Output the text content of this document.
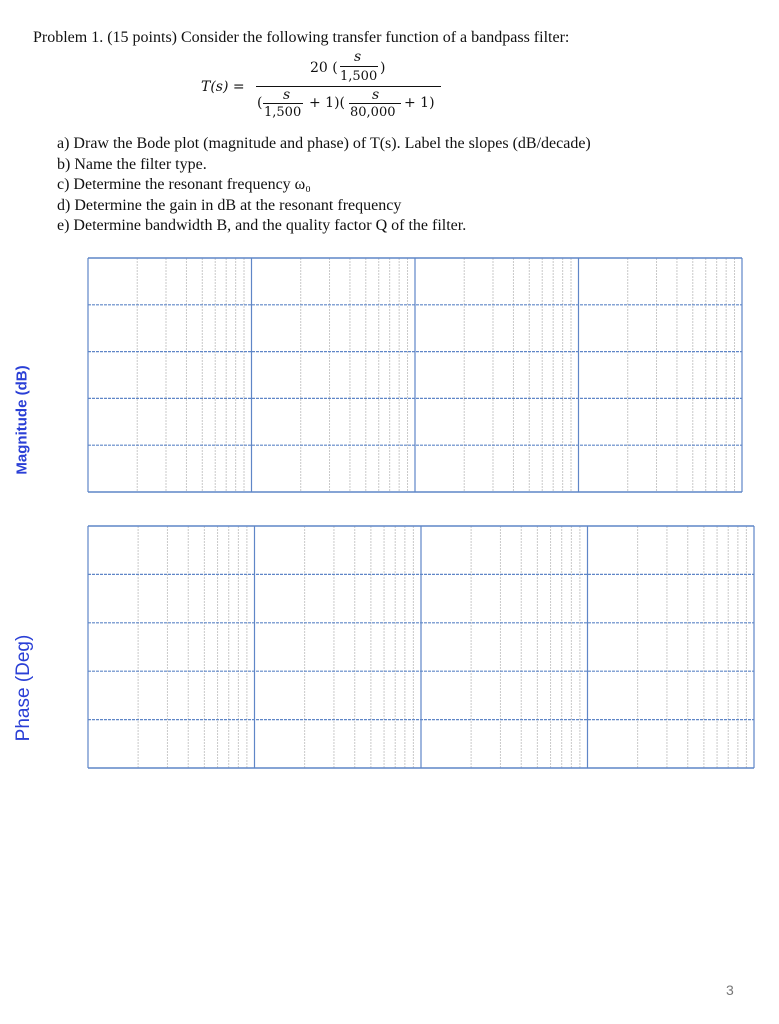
Problem 1. (15 points) Consider the following transfer function of a bandpass filter:
T(s) =
20 (
s
1,500
)
( s
1,500
+ 1)( s
80,000
+ 1)
a) Draw the Bode plot (magnitude and phase) of T(s). Label the slopes (dB/decade)
b) Name the filter type.
c) Determine the resonant frequency ω₀
d) Determine the gain in dB at the resonant frequency
e) Determine bandwidth B, and the quality factor Q of the filter.
Magnitude (dB)
Phase (Deg)
3
